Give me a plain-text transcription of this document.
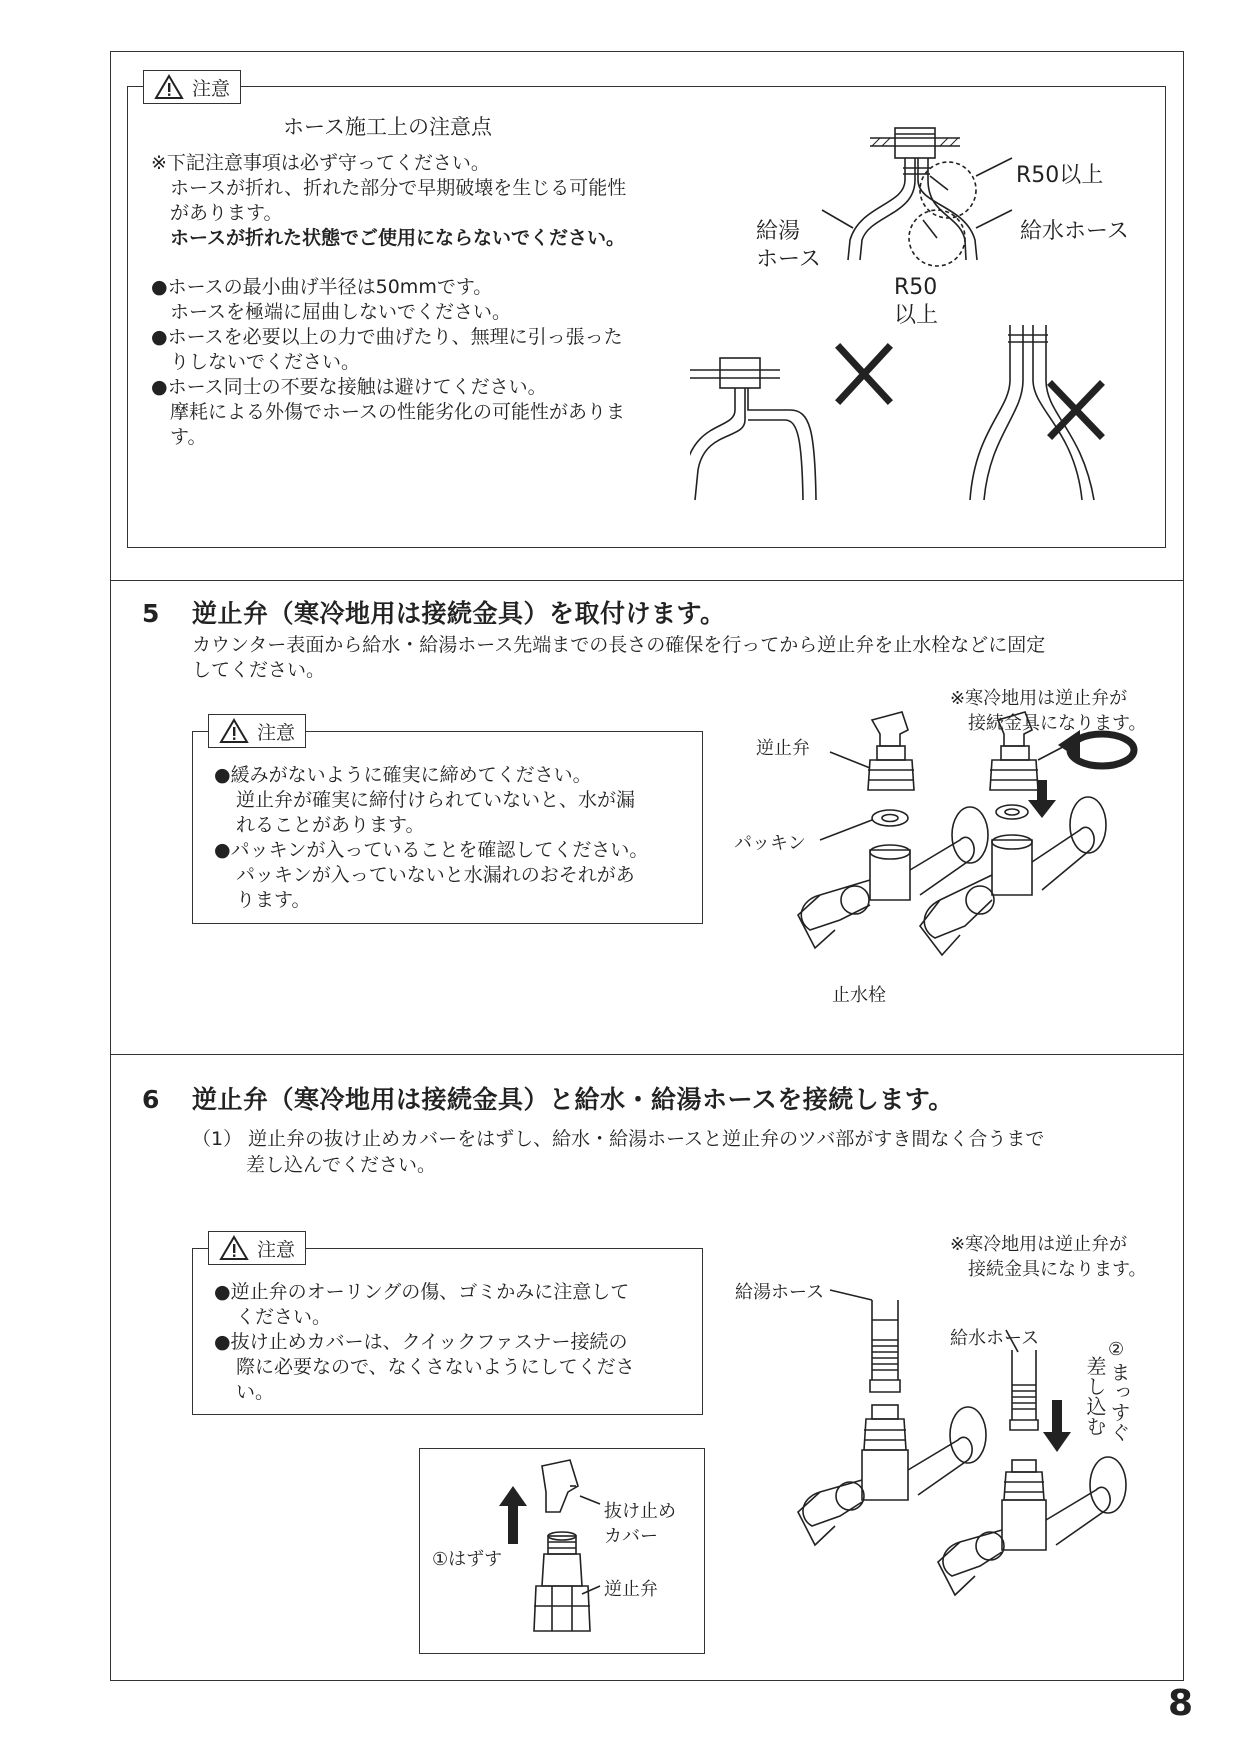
注意
ホース施工上の注意点
※下記注意事項は必ず守ってください。
ホースが折れ、折れた部分で早期破壊を生じる可能性
があります。
ホースが折れた状態でご使用にならないでください。
●ホースの最小曲げ半径は50mmです。
ホースを極端に屈曲しないでください。
●ホースを必要以上の力で曲げたり、無理に引っ張った
りしないでください。
●ホース同士の不要な接触は避けてください。
摩耗による外傷でホースの性能劣化の可能性がありま
す。
R50以上
給湯
ホース
給水ホース
R50
以上
5 逆止弁（寒冷地用は接続金具）を取付けます。
カウンター表面から給水・給湯ホース先端までの長さの確保を行ってから逆止弁を止水栓などに固定
してください。
注意
●緩みがないように確実に締めてください。
逆止弁が確実に締付けられていないと、水が漏
れることがあります。
●パッキンが入っていることを確認してください。
パッキンが入っていないと水漏れのおそれがあ
ります。
※寒冷地用は逆止弁が
接続金具になります。
逆止弁
パッキン
止水栓
6 逆止弁（寒冷地用は接続金具）と給水・給湯ホースを接続します。
（1） 逆止弁の抜け止めカバーをはずし、給水・給湯ホースと逆止弁のツバ部がすき間なく合うまで
差し込んでください。
注意
●逆止弁のオーリングの傷、ゴミかみに注意して
ください。
●抜け止めカバーは、クイックファスナー接続の
際に必要なので、なくさないようにしてくださ
い。
①はずす
抜け止め
カバー
逆止弁
※寒冷地用は逆止弁が
接続金具になります。
給湯ホース
給水ホース
②
まっすぐ
差し込む
8
